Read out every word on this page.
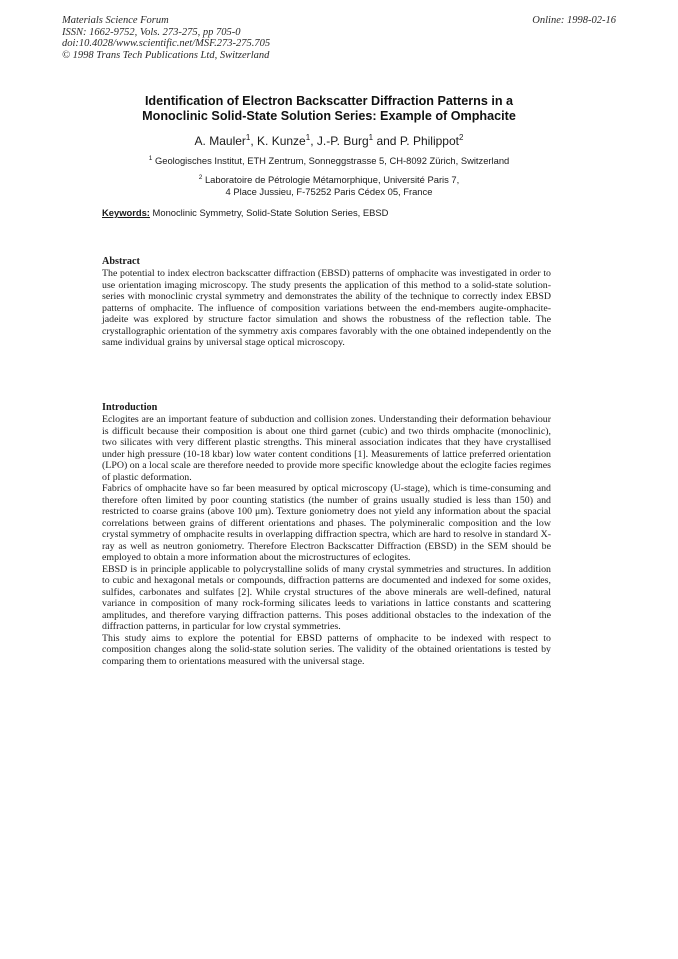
Materials Science Forum
ISSN: 1662-9752, Vols. 273-275, pp 705-0
doi:10.4028/www.scientific.net/MSF.273-275.705
© 1998 Trans Tech Publications Ltd, Switzerland
Online: 1998-02-16
Identification of Electron Backscatter Diffraction Patterns in a
Monoclinic Solid-State Solution Series: Example of Omphacite
A. Mauler$^1$, K. Kunze$^1$, J.-P. Burg$^1$ and P. Philippot$^2$
$^1$ Geologisches Institut, ETH Zentrum, Sonneggstrasse 5, CH-8092 Zürich, Switzerland
$^2$ Laboratoire de Pétrologie Métamorphique, Université Paris 7,
4 Place Jussieu, F-75252 Paris Cédex 05, France
Keywords: Monoclinic Symmetry, Solid-State Solution Series, EBSD
Abstract

The potential to index electron backscatter diffraction (EBSD) patterns of omphacite was investigated in order to use orientation imaging microscopy. The study presents the application of this method to a solid-state solution-series with monoclinic crystal symmetry and demonstrates the ability of the technique to correctly index EBSD patterns of omphacite. The influence of composition variations between the end-members augite-omphacite-jadeite was explored by structure factor simulation and shows the robustness of the reflection table. The crystallographic orientation of the symmetry axis compares favorably with the one obtained independently on the same individual grains by universal stage optical microscopy.

Introduction

Eclogites are an important feature of subduction and collision zones. Understanding their deformation behaviour is difficult because their composition is about one third garnet (cubic) and two thirds omphacite (monoclinic), two silicates with very different plastic strengths. This mineral association indicates that they have crystallised under high pressure (10-18 kbar) low water content conditions [1]. Measurements of lattice preferred orientation (LPO) on a local scale are therefore needed to provide more specific knowledge about the eclogite facies regimes of plastic deformation.

Fabrics of omphacite have so far been measured by optical microscopy (U-stage), which is time-consuming and therefore often limited by poor counting statistics (the number of grains usually studied is less than 150) and restricted to coarse grains (above 100 μm). Texture goniometry does not yield any information about the spacial correlations between grains of different orientations and phases. The polymineralic composition and the low crystal symmetry of omphacite results in overlapping diffraction spectra, which are hard to resolve in standard X-ray as well as neutron goniometry. Therefore Electron Backscatter Diffraction (EBSD) in the SEM should be employed to obtain a more information about the microstructures of eclogites.

EBSD is in principle applicable to polycrystalline solids of many crystal symmetries and structures. In addition to cubic and hexagonal metals or compounds, diffraction patterns are documented and indexed for some oxides, sulfides, carbonates and sulfates [2]. While crystal structures of the above minerals are well-defined, natural variance in composition of many rock-forming silicates leeds to variations in lattice constants and scattering amplitudes, and therefore varying diffraction patterns. This poses additional obstacles to the indexation of the diffraction patterns, in particular for low crystal symmetries.

This study aims to explore the potential for EBSD patterns of omphacite to be indexed with respect to composition changes along the solid-state solution series. The validity of the obtained orientations is tested by comparing them to orientations measured with the universal stage.
